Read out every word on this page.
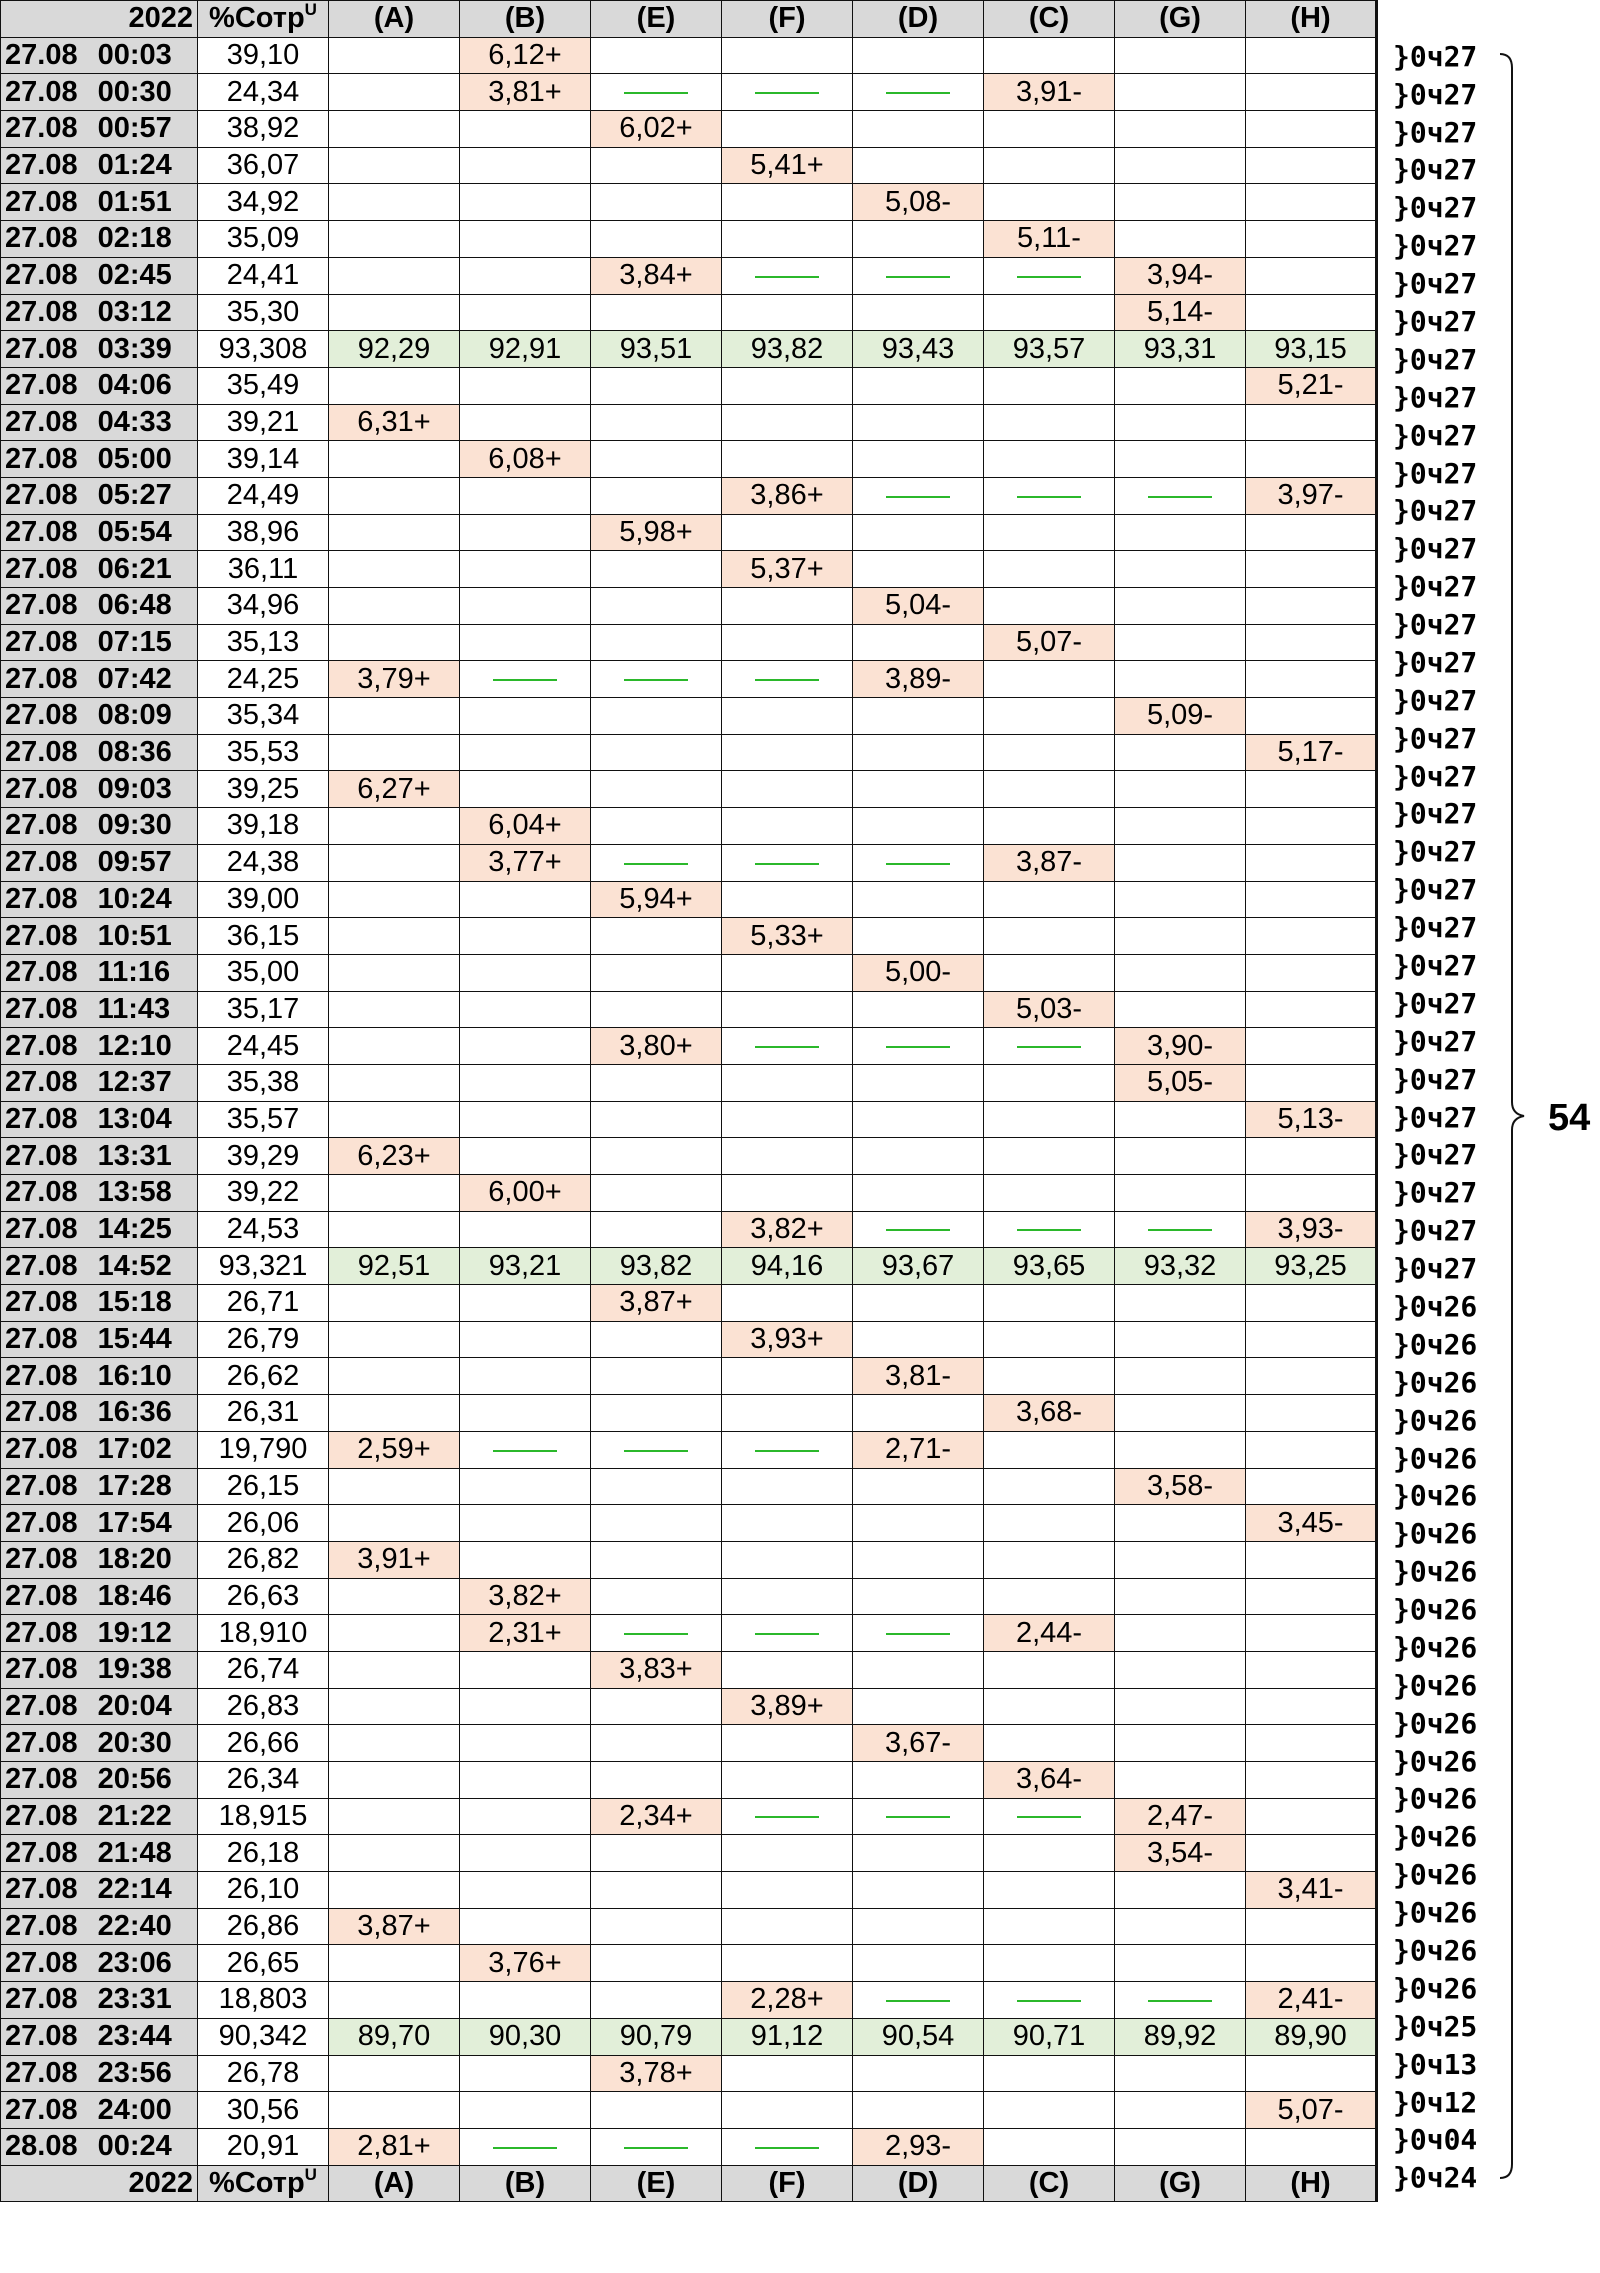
2022	%Сотр$^U$	(A)	(B)	(E)	(F)	(D)	(C)	(G)	(H)	
27.08 00:03	39,10		6,12+							
27.08 00:30	24,34		3,81+				3,91-			
27.08 00:57	38,92			6,02+						
27.08 01:24	36,07				5,41+					
27.08 01:51	34,92					5,08-				
27.08 02:18	35,09						5,11-			
27.08 02:45	24,41			3,84+				3,94-		
27.08 03:12	35,30							5,14-		
27.08 03:39	93,308	92,29	92,91	93,51	93,82	93,43	93,57	93,31	93,15	
27.08 04:06	35,49								5,21-	
27.08 04:33	39,21	6,31+								
27.08 05:00	39,14		6,08+							
27.08 05:27	24,49				3,86+				3,97-	
27.08 05:54	38,96			5,98+						
27.08 06:21	36,11				5,37+					
27.08 06:48	34,96					5,04-				
27.08 07:15	35,13						5,07-			
27.08 07:42	24,25	3,79+				3,89-				
27.08 08:09	35,34							5,09-		
27.08 08:36	35,53								5,17-	
27.08 09:03	39,25	6,27+								
27.08 09:30	39,18		6,04+							
27.08 09:57	24,38		3,77+				3,87-			
27.08 10:24	39,00			5,94+						
27.08 10:51	36,15				5,33+					
27.08 11:16	35,00					5,00-				
27.08 11:43	35,17						5,03-			
27.08 12:10	24,45			3,80+				3,90-		
27.08 12:37	35,38							5,05-		
27.08 13:04	35,57								5,13-	
27.08 13:31	39,29	6,23+								
27.08 13:58	39,22		6,00+							
27.08 14:25	24,53				3,82+				3,93-	
27.08 14:52	93,321	92,51	93,21	93,82	94,16	93,67	93,65	93,32	93,25	
27.08 15:18	26,71			3,87+						
27.08 15:44	26,79				3,93+					
27.08 16:10	26,62					3,81-				
27.08 16:36	26,31						3,68-			
27.08 17:02	19,790	2,59+				2,71-				
27.08 17:28	26,15							3,58-		
27.08 17:54	26,06								3,45-	
27.08 18:20	26,82	3,91+								
27.08 18:46	26,63		3,82+							
27.08 19:12	18,910		2,31+				2,44-			
27.08 19:38	26,74			3,83+						
27.08 20:04	26,83				3,89+					
27.08 20:30	26,66					3,67-				
27.08 20:56	26,34						3,64-			
27.08 21:22	18,915			2,34+				2,47-		
27.08 21:48	26,18							3,54-		
27.08 22:14	26,10								3,41-	
27.08 22:40	26,86	3,87+								
27.08 23:06	26,65		3,76+							
27.08 23:31	18,803				2,28+				2,41-	
27.08 23:44	90,342	89,70	90,30	90,79	91,12	90,54	90,71	89,92	89,90	
27.08 23:56	26,78			3,78+						
27.08 24:00	30,56								5,07-	
28.08 00:24	20,91	2,81+				2,93-				
2022	%Сотр$^U$	(A)	(B)	(E)	(F)	(D)	(C)	(G)	(H)	
}0ч27
}0ч27
}0ч27
}0ч27
}0ч27
}0ч27
}0ч27
}0ч27
}0ч27
}0ч27
}0ч27
}0ч27
}0ч27
}0ч27
}0ч27
}0ч27
}0ч27
}0ч27
}0ч27
}0ч27
}0ч27
}0ч27
}0ч27
}0ч27
}0ч27
}0ч27
}0ч27
}0ч27
}0ч27
}0ч27
}0ч27
}0ч27
}0ч27
}0ч26
}0ч26
}0ч26
}0ч26
}0ч26
}0ч26
}0ч26
}0ч26
}0ч26
}0ч26
}0ч26
}0ч26
}0ч26
}0ч26
}0ч26
}0ч26
}0ч26
}0ч26
}0ч26
}0ч25
}0ч13
}0ч12
}0ч04
}0ч24
54
